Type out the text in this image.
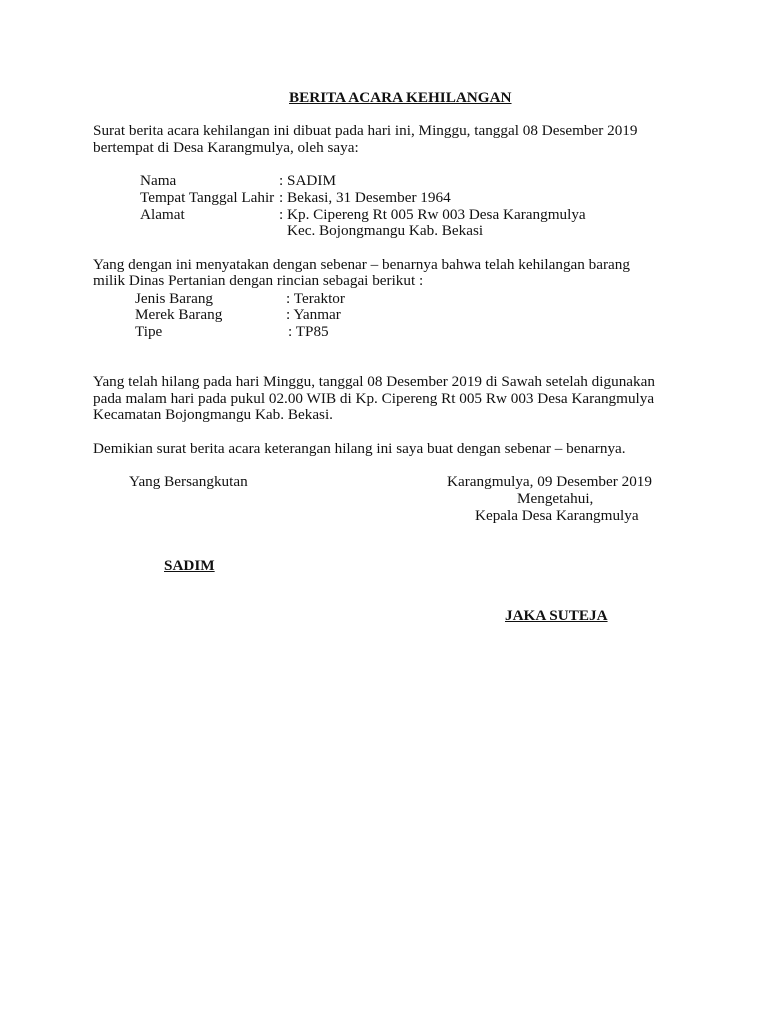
BERITA ACARA KEHILANGAN
Surat berita acara kehilangan ini dibuat pada hari ini, Minggu, tanggal 08 Desember 2019
bertempat di Desa Karangmulya, oleh saya:
Nama	: SADIM
Tempat Tanggal Lahir : Bekasi, 31 Desember 1964
Alamat	: Kp. Cipereng Rt 005 Rw 003 Desa Karangmulya
Kec. Bojongmangu Kab. Bekasi
Yang dengan ini menyatakan dengan sebenar – benarnya bahwa telah kehilangan barang
milik Dinas Pertanian dengan rincian sebagai berikut :
Jenis Barang	: Teraktor
Merek Barang	: Yanmar
Tipe	: TP85
Yang telah hilang pada hari Minggu, tanggal 08 Desember 2019 di Sawah setelah digunakan
pada malam hari pada pukul 02.00 WIB di Kp. Cipereng Rt 005 Rw 003 Desa Karangmulya
Kecamatan Bojongmangu Kab. Bekasi.
Demikian surat berita acara keterangan hilang ini saya buat dengan sebenar – benarnya.
Yang Bersangkutan	Karangmulya, 09 Desember 2019
Mengetahui,
Kepala Desa Karangmulya
SADIM
JAKA SUTEJA
